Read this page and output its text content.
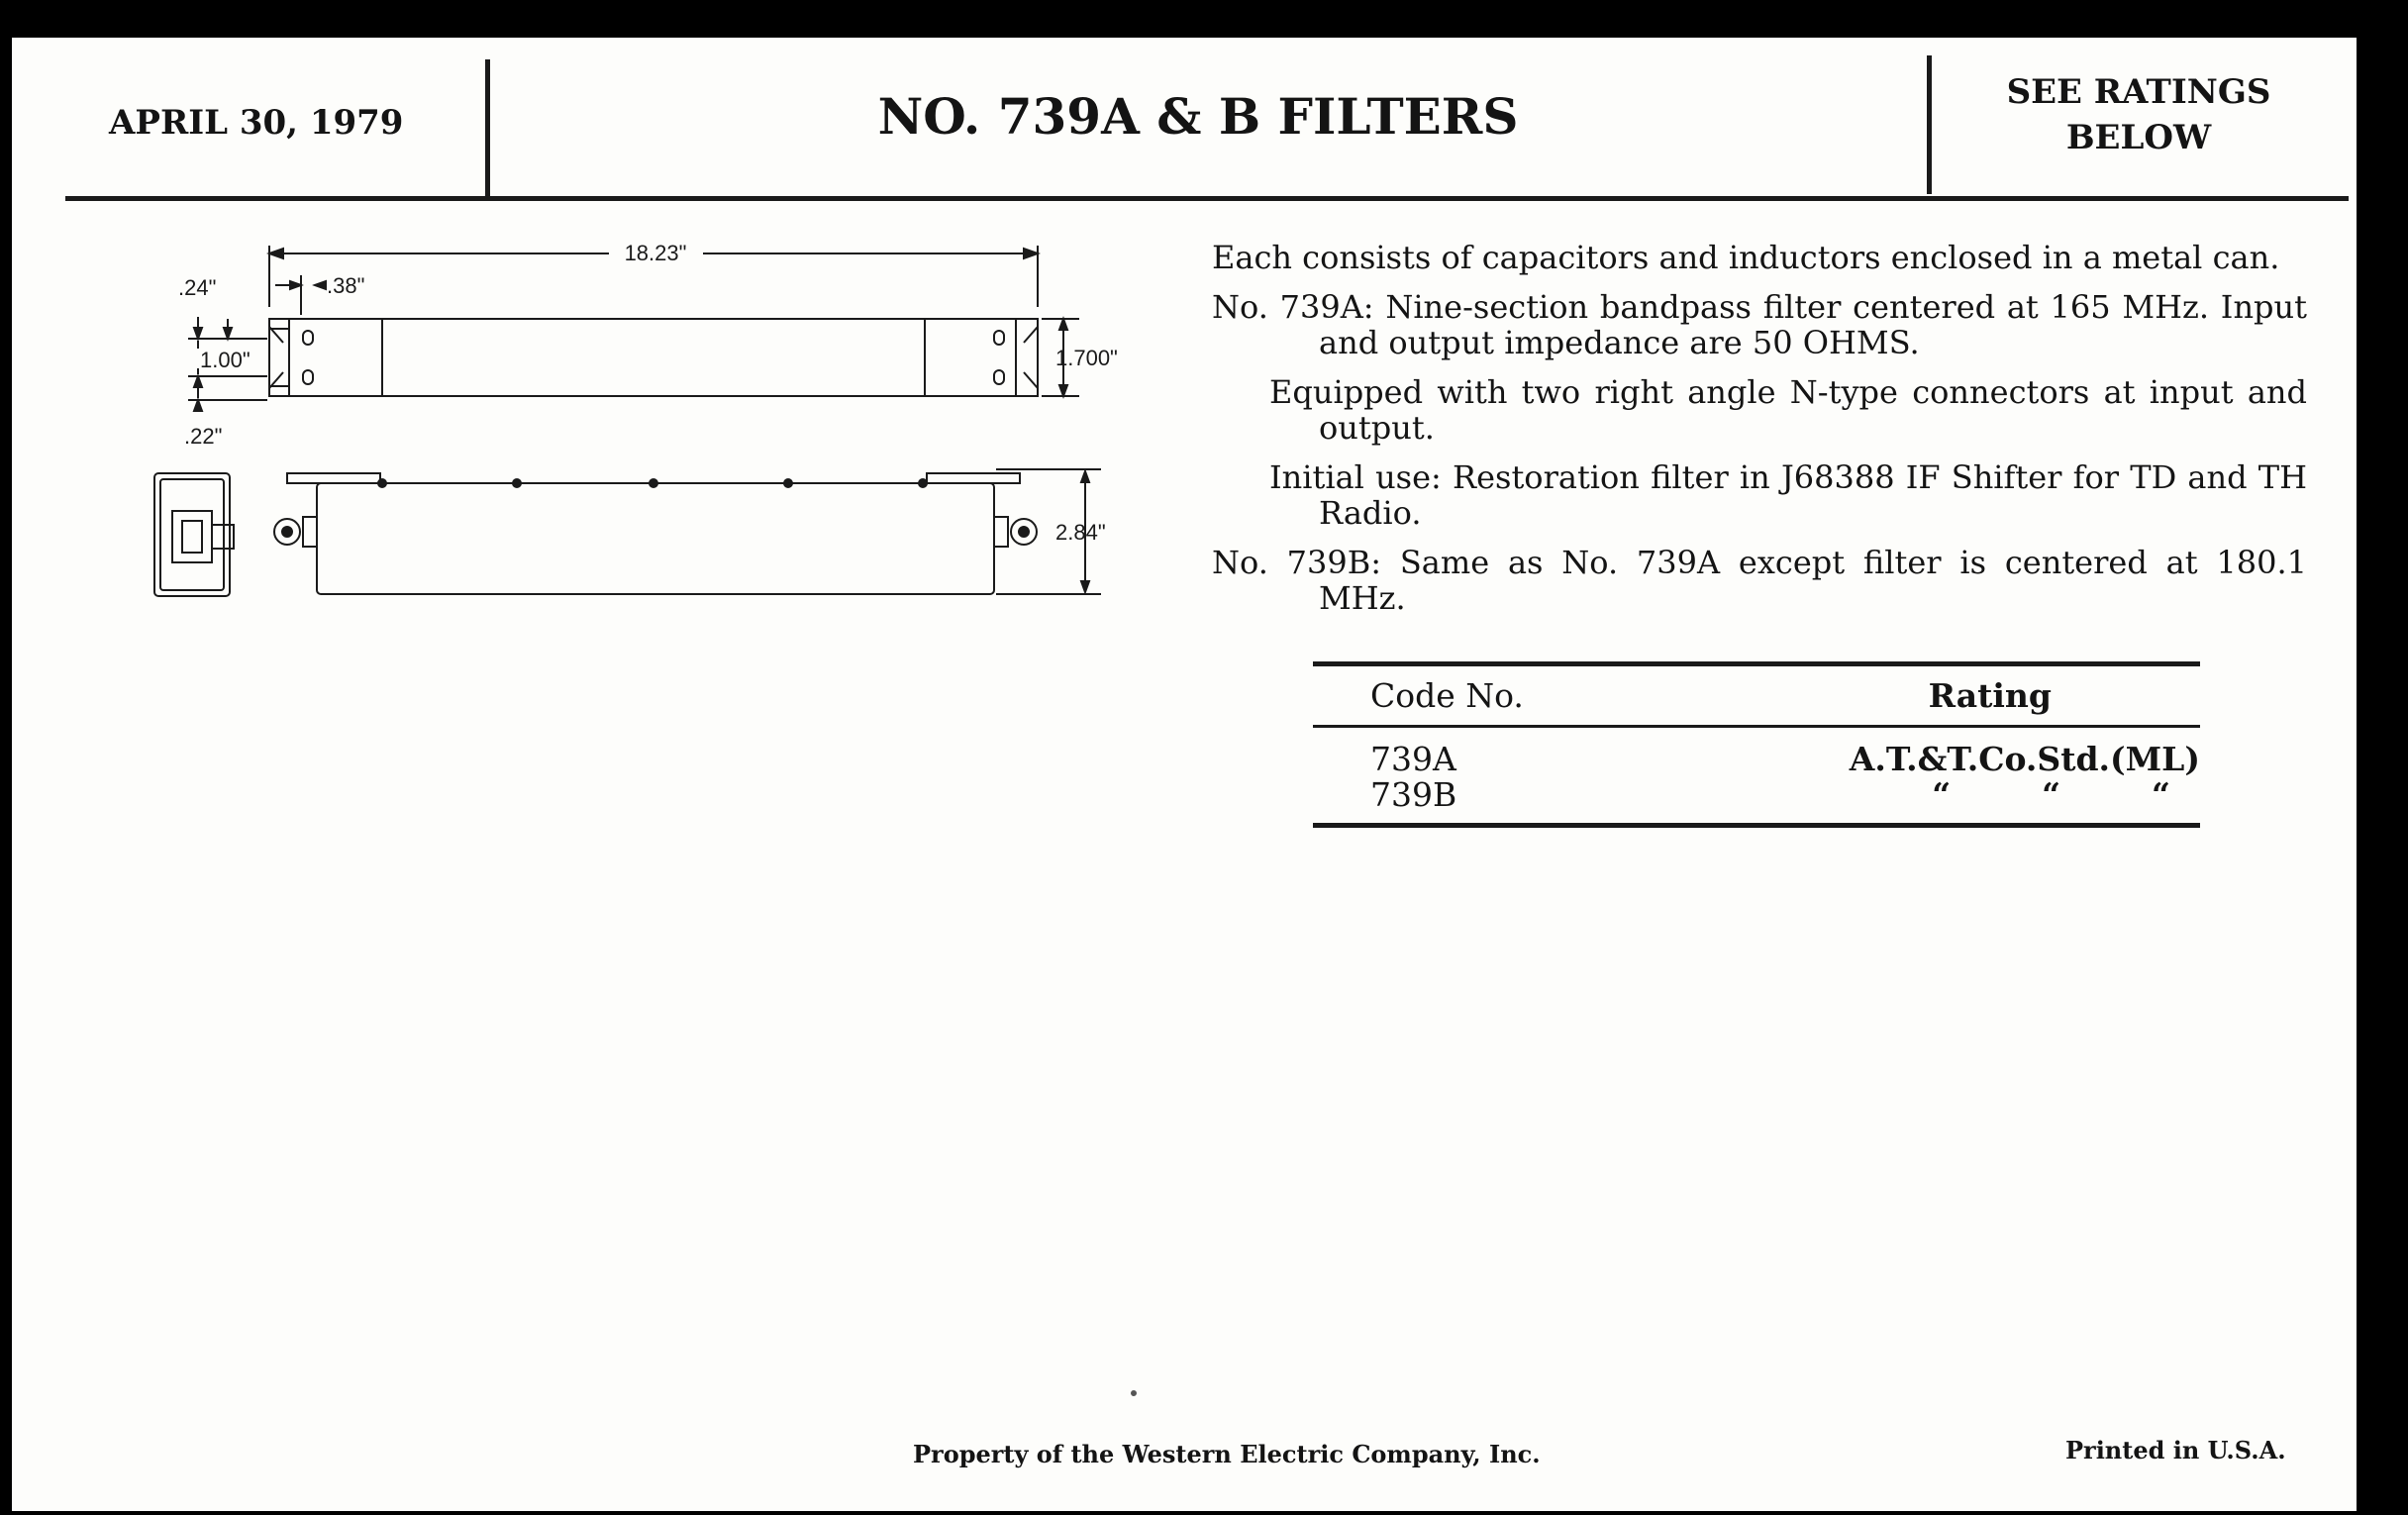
APRIL 30, 1979	NO. 739A & B FILTERS	SEE RATINGS
BELOW
18.23"
.38"
.24"
1.00"
.22"
1.700"
2.84"

Each consists of capacitors and inductors enclosed in a metal can.

No. 739A: Nine-section bandpass filter centered at 165 MHz. Input and output impedance are 50 OHMS.

Equipped with two right angle N-type connectors at input and output.

Initial use: Restoration filter in J68388 IF Shifter for TD and TH Radio.

No. 739B: Same as No. 739A except filter is centered at 180.1 MHz.

Code No.	Rating
739A	A.T.&T.Co.Std.(ML)
739B	“        “        “
Property of the Western Electric Company, Inc.	Printed in U.S.A.
